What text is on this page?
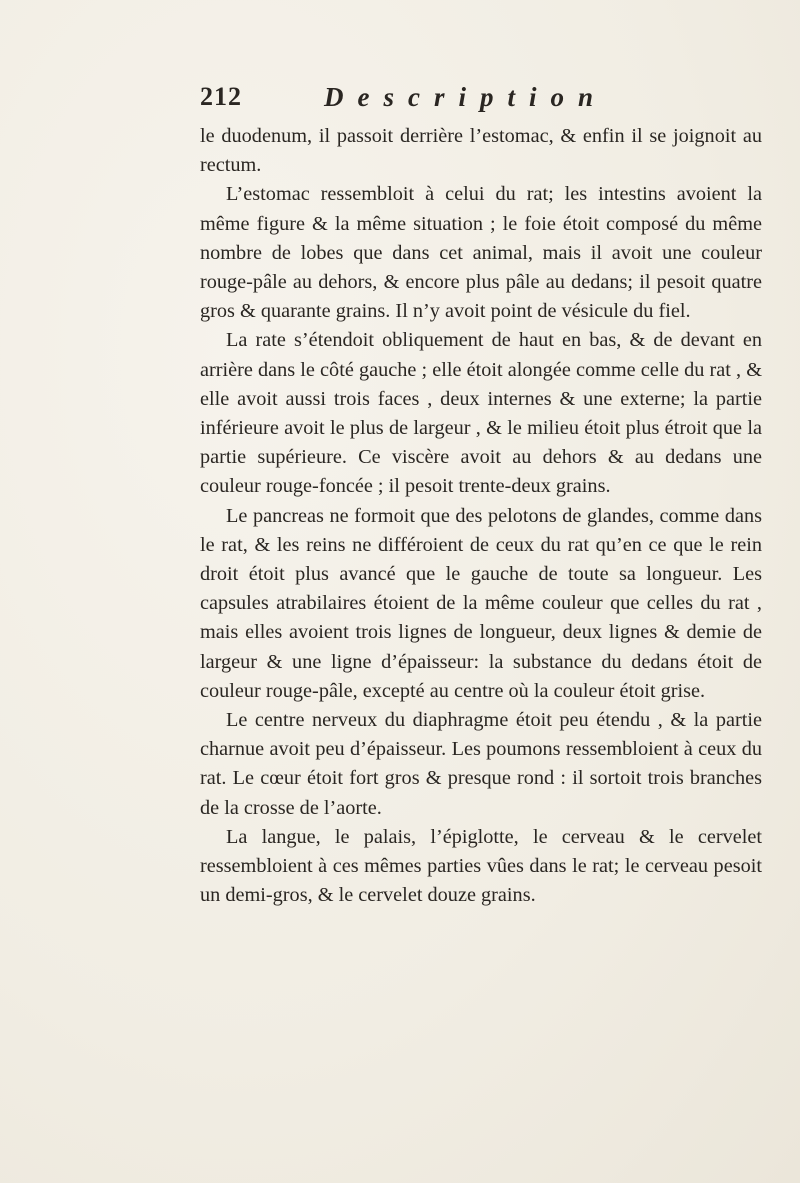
212	Description

le duodenum, il passoit derrière l’estomac, & enfin il se joignoit au rectum.

L’estomac ressembloit à celui du rat; les intestins avoient la même figure & la même situation ; le foie étoit composé du même nombre de lobes que dans cet animal, mais il avoit une couleur rouge-pâle au dehors, & encore plus pâle au dedans; il pesoit quatre gros & quarante grains. Il n’y avoit point de vésicule du fiel.

La rate s’étendoit obliquement de haut en bas, & de devant en arrière dans le côté gauche ; elle étoit alongée comme celle du rat , & elle avoit aussi trois faces , deux internes & une externe; la partie inférieure avoit le plus de largeur , & le milieu étoit plus étroit que la partie supérieure. Ce viscère avoit au dehors & au dedans une couleur rouge-foncée ; il pesoit trente-deux grains.

Le pancreas ne formoit que des pelotons de glandes, comme dans le rat, & les reins ne différoient de ceux du rat qu’en ce que le rein droit étoit plus avancé que le gauche de toute sa longueur. Les capsules atrabilaires étoient de la même couleur que celles du rat , mais elles avoient trois lignes de longueur, deux lignes & demie de largeur & une ligne d’épaisseur: la substance du dedans étoit de couleur rouge-pâle, excepté au centre où la couleur étoit grise.

Le centre nerveux du diaphragme étoit peu étendu , & la partie charnue avoit peu d’épaisseur. Les poumons ressembloient à ceux du rat. Le cœur étoit fort gros & presque rond : il sortoit trois branches de la crosse de l’aorte.

La langue, le palais, l’épiglotte, le cerveau & le cervelet ressembloient à ces mêmes parties vûes dans le rat; le cerveau pesoit un demi-gros, & le cervelet douze grains.
